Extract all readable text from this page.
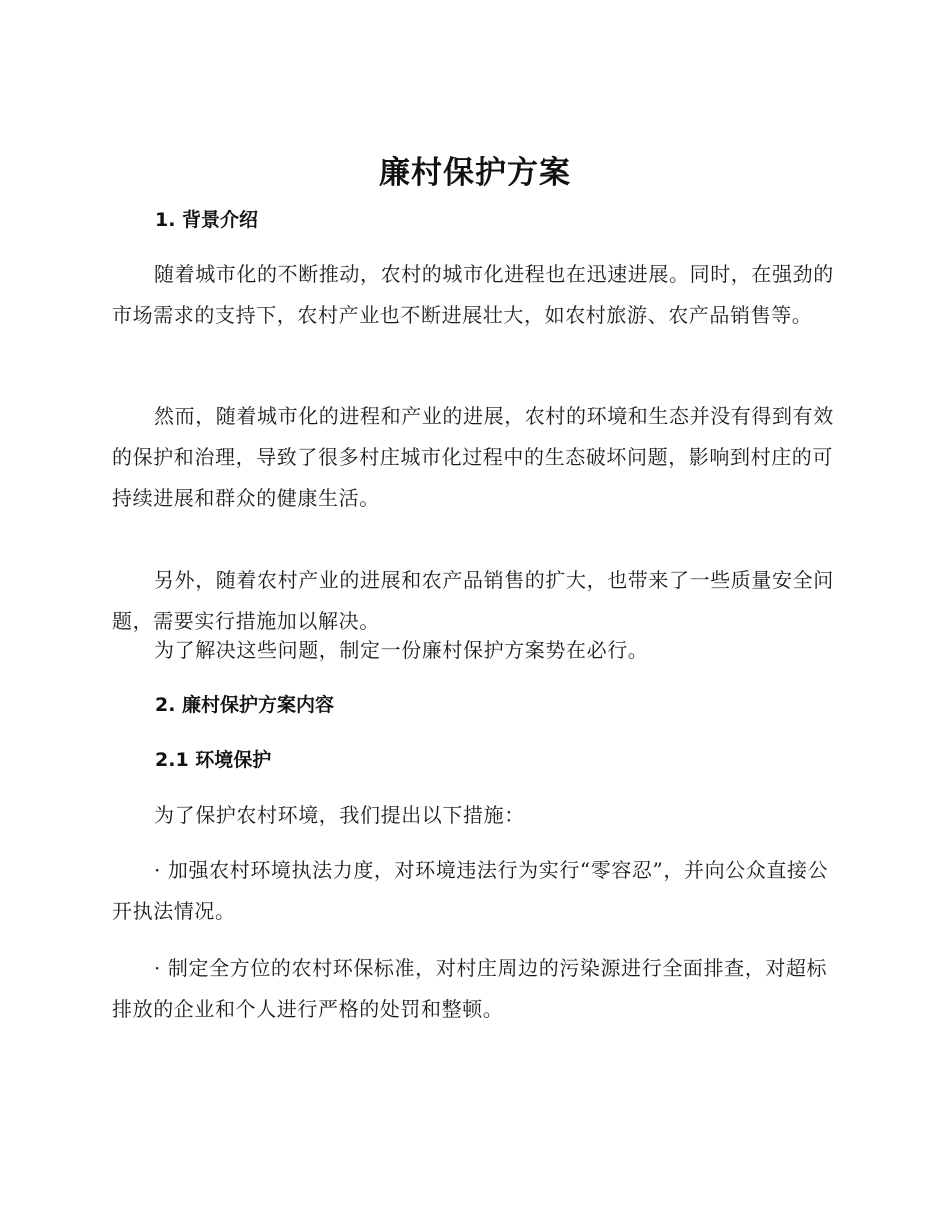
廉村保护方案
1. 背景介绍
随着城市化的不断推动，农村的城市化进程也在迅速进展。同时，在强劲的市场需求的支持下，农村产业也不断进展壮大，如农村旅游、农产品销售等。
然而，随着城市化的进程和产业的进展，农村的环境和生态并没有得到有效的保护和治理，导致了很多村庄城市化过程中的生态破坏问题，影响到村庄的可持续进展和群众的健康生活。
另外，随着农村产业的进展和农产品销售的扩大，也带来了一些质量安全问题，需要实行措施加以解决。
为了解决这些问题，制定一份廉村保护方案势在必行。
2. 廉村保护方案内容
2.1 环境保护
为了保护农村环境，我们提出以下措施：
· 加强农村环境执法力度，对环境违法行为实行“零容忍”，并向公众直接公开执法情况。
· 制定全方位的农村环保标准，对村庄周边的污染源进行全面排查，对超标排放的企业和个人进行严格的处罚和整顿。
